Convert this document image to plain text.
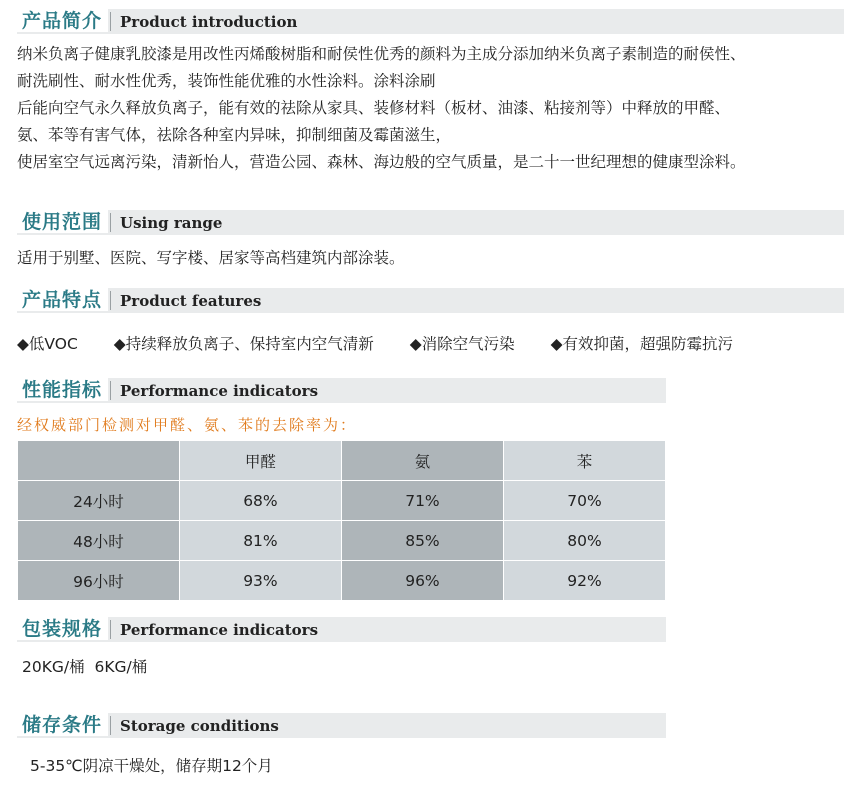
产品简介	Product introduction
纳米负离子健康乳胶漆是用改性丙烯酸树脂和耐侯性优秀的颜料为主成分添加纳米负离子素制造的耐侯性、
耐洗刷性、耐水性优秀，装饰性能优雅的水性涂料。涂料涂刷
后能向空气永久释放负离子，能有效的祛除从家具、装修材料（板材、油漆、粘接剂等）中释放的甲醛、
氨、苯等有害气体，祛除各种室内异味，抑制细菌及霉菌滋生，
使居室空气远离污染，清新怡人，营造公园、森林、海边般的空气质量，是二十一世纪理想的健康型涂料。
使用范围	Using range
适用于别墅、医院、写字楼、居家等高档建筑内部涂装。
产品特点	Product features
◆低VOC ◆持续释放负离子、保持室内空气清新 ◆消除空气污染 ◆有效抑菌，超强防霉抗污
性能指标	Performance indicators
经权威部门检测对甲醛、氨、苯的去除率为：
	甲醛	氨	苯
24小时	68%	71%	70%
48小时	81%	85%	80%
96小时	93%	96%	92%
包装规格	Performance indicators
20KG/桶  6KG/桶
储存条件	Storage conditions
5-35℃阴凉干燥处，储存期12个月
